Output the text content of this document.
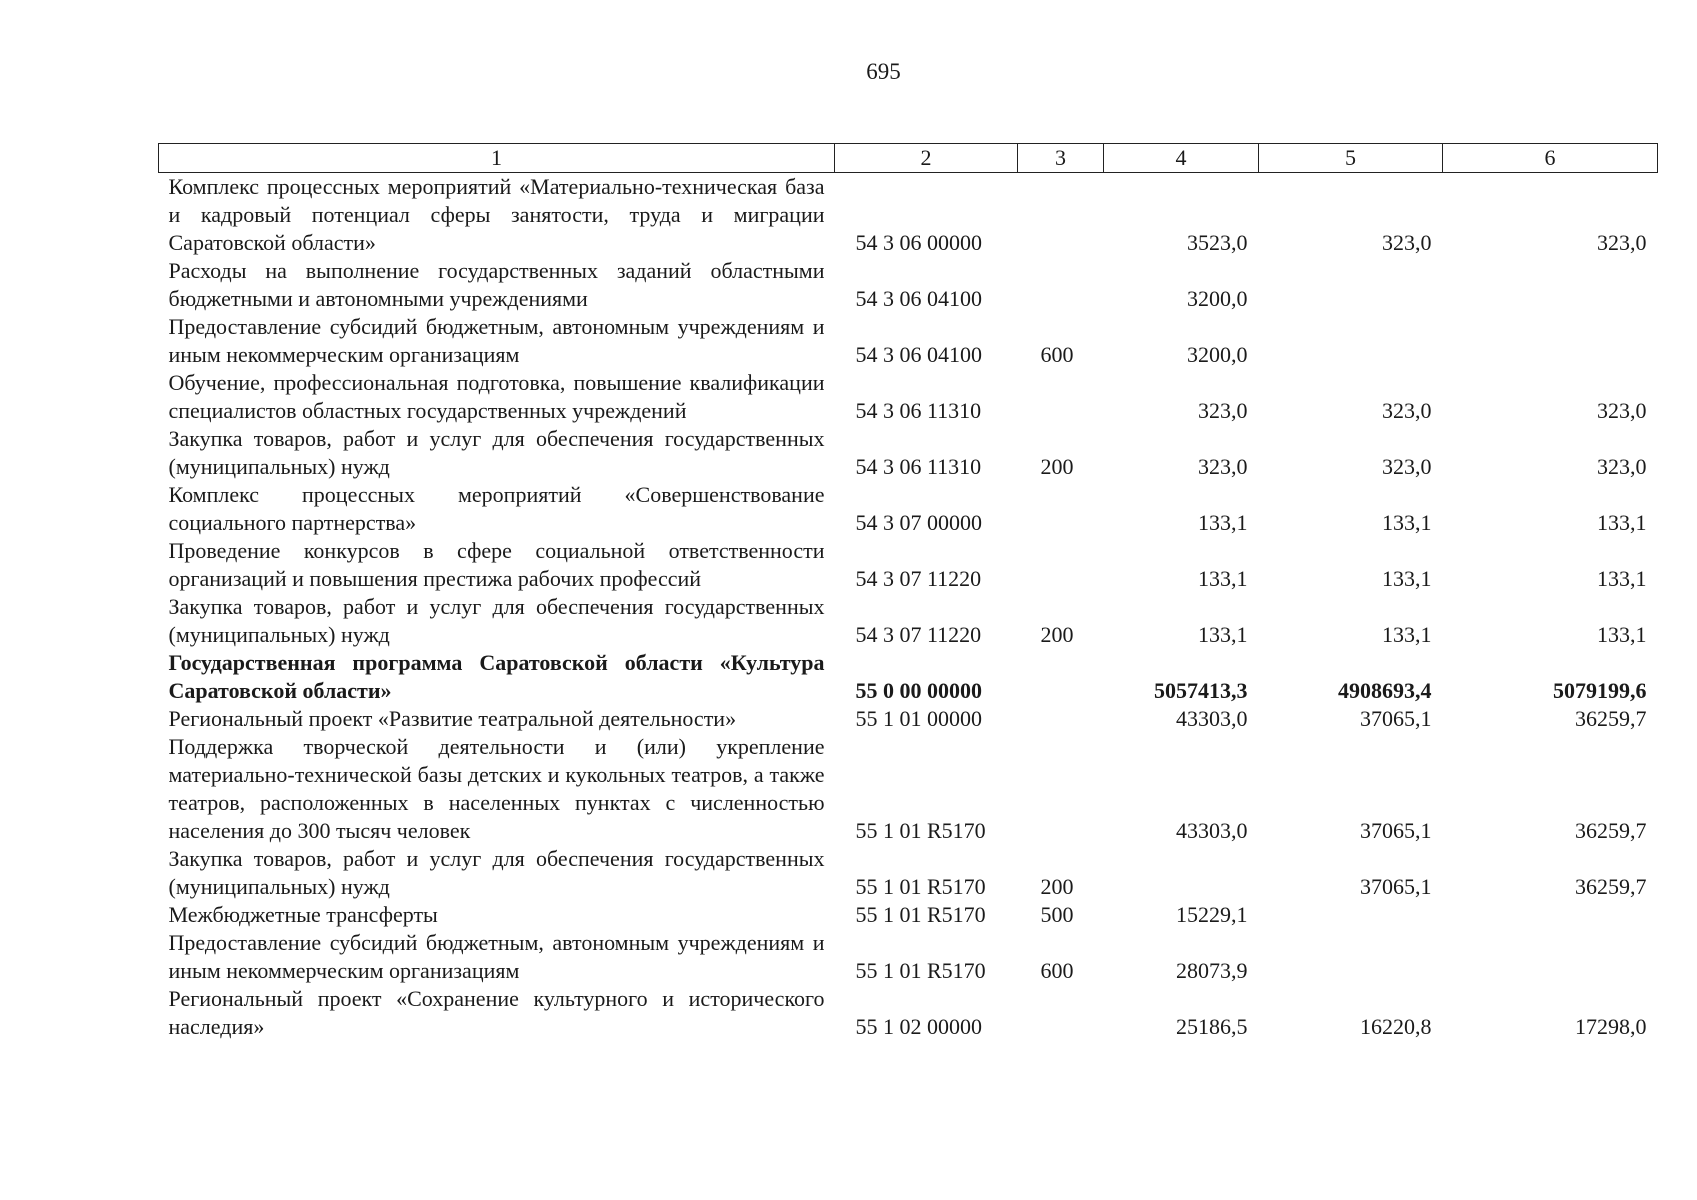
695
1	2	3	4	5	6
Комплекс процессных мероприятий «Материально-техническая база и кадровый потенциал сферы занятости, труда и миграции Саратовской области»	54 3 06 00000		3523,0	323,0	323,0
Расходы на выполнение государственных заданий областными бюджетными и автономными учреждениями	54 3 06 04100		3200,0		
Предоставление субсидий бюджетным, автономным учреждениям и иным некоммерческим организациям	54 3 06 04100	600	3200,0		
Обучение, профессиональная подготовка, повышение квалификации специалистов областных государственных учреждений	54 3 06 11310		323,0	323,0	323,0
Закупка товаров, работ и услуг для обеспечения государственных (муниципальных) нужд	54 3 06 11310	200	323,0	323,0	323,0
Комплекс процессных мероприятий «Совершенствование социального партнерства»	54 3 07 00000		133,1	133,1	133,1
Проведение конкурсов в сфере социальной ответственности организаций и повышения престижа рабочих профессий	54 3 07 11220		133,1	133,1	133,1
Закупка товаров, работ и услуг для обеспечения государственных (муниципальных) нужд	54 3 07 11220	200	133,1	133,1	133,1
Государственная программа Саратовской области «Культура Саратовской области»	55 0 00 00000		5057413,3	4908693,4	5079199,6
Региональный проект «Развитие театральной деятельности»	55 1 01 00000		43303,0	37065,1	36259,7
Поддержка творческой деятельности и (или) укрепление материально-технической базы детских и кукольных театров, а также театров, расположенных в населенных пунктах с численностью населения до 300 тысяч человек	55 1 01 R5170		43303,0	37065,1	36259,7
Закупка товаров, работ и услуг для обеспечения государственных (муниципальных) нужд	55 1 01 R5170	200		37065,1	36259,7
Межбюджетные трансферты	55 1 01 R5170	500	15229,1		
Предоставление субсидий бюджетным, автономным учреждениям и иным некоммерческим организациям	55 1 01 R5170	600	28073,9		
Региональный проект «Сохранение культурного и исторического наследия»	55 1 02 00000		25186,5	16220,8	17298,0
